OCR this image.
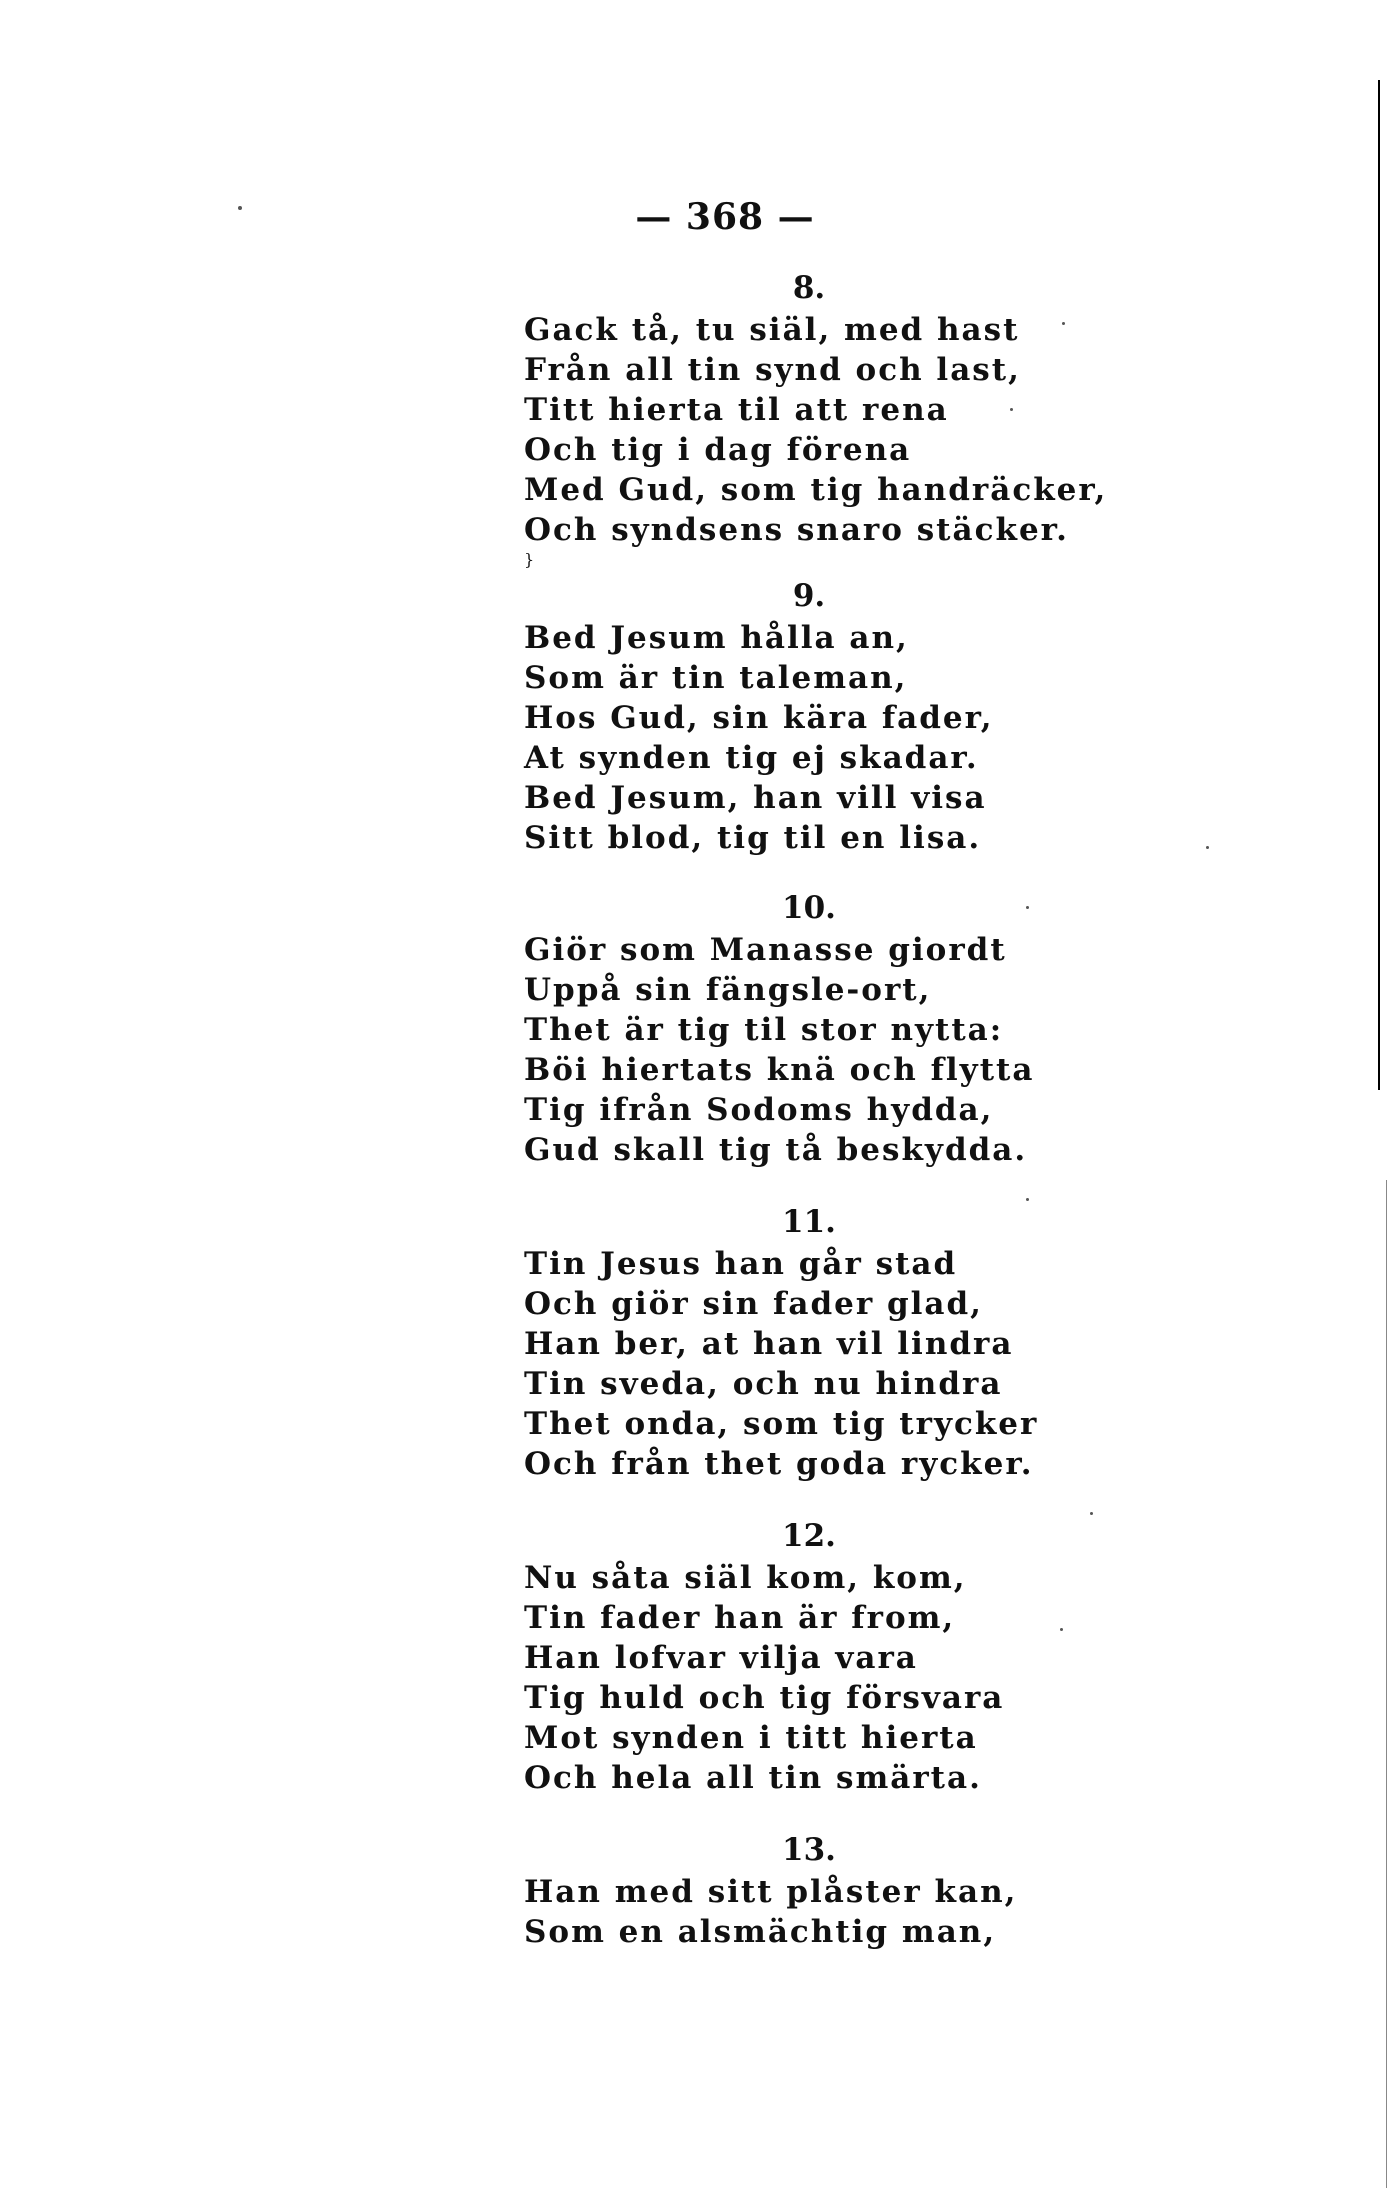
— 368 —
8.
Gack tå, tu siäl, med hast
Från all tin synd och last,
Titt hierta til att rena
Och tig i dag förena
Med Gud, som tig handräcker,
Och syndsens snaro stäcker.
}
9.
Bed Jesum hålla an,
Som är tin taleman,
Hos Gud, sin kära fader,
At synden tig ej skadar.
Bed Jesum, han vill visa
Sitt blod, tig til en lisa.
10.
Giör som Manasse giordt
Uppå sin fängsle-ort,
Thet är tig til stor nytta:
Böi hiertats knä och flytta
Tig ifrån Sodoms hydda,
Gud skall tig tå beskydda.
11.
Tin Jesus han går stad
Och giör sin fader glad,
Han ber, at han vil lindra
Tin sveda, och nu hindra
Thet onda, som tig trycker
Och från thet goda rycker.
12.
Nu såta siäl kom, kom,
Tin fader han är from,
Han lofvar vilja vara
Tig huld och tig försvara
Mot synden i titt hierta
Och hela all tin smärta.
13.
Han med sitt plåster kan,
Som en alsmächtig man,
